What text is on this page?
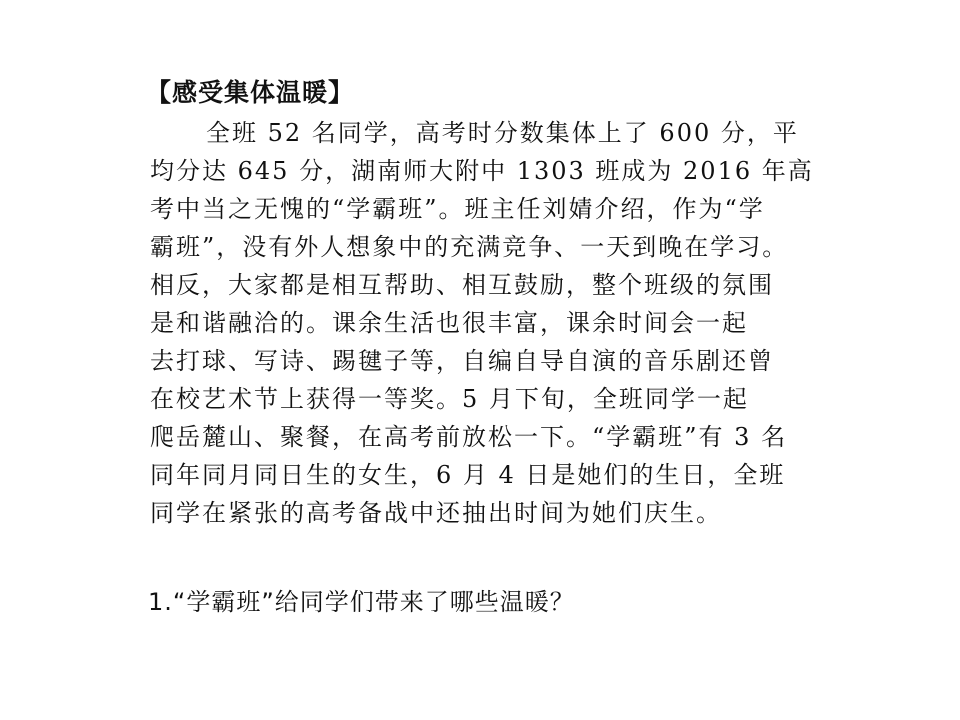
【感受集体温暖】
全班 52 名同学，高考时分数集体上了 600 分，平
均分达 645 分，湖南师大附中 1303 班成为 2016 年高
考中当之无愧的“学霸班”。班主任刘婧介绍，作为“学
霸班”，没有外人想象中的充满竞争、一天到晚在学习。
相反，大家都是相互帮助、相互鼓励，整个班级的氛围
是和谐融洽的。课余生活也很丰富，课余时间会一起
去打球、写诗、踢毽子等，自编自导自演的音乐剧还曾
在校艺术节上获得一等奖。5 月下旬，全班同学一起
爬岳麓山、聚餐，在高考前放松一下。“学霸班”有 3 名
同年同月同日生的女生，6 月 4 日是她们的生日，全班
同学在紧张的高考备战中还抽出时间为她们庆生。
1.“学霸班”给同学们带来了哪些温暖？
